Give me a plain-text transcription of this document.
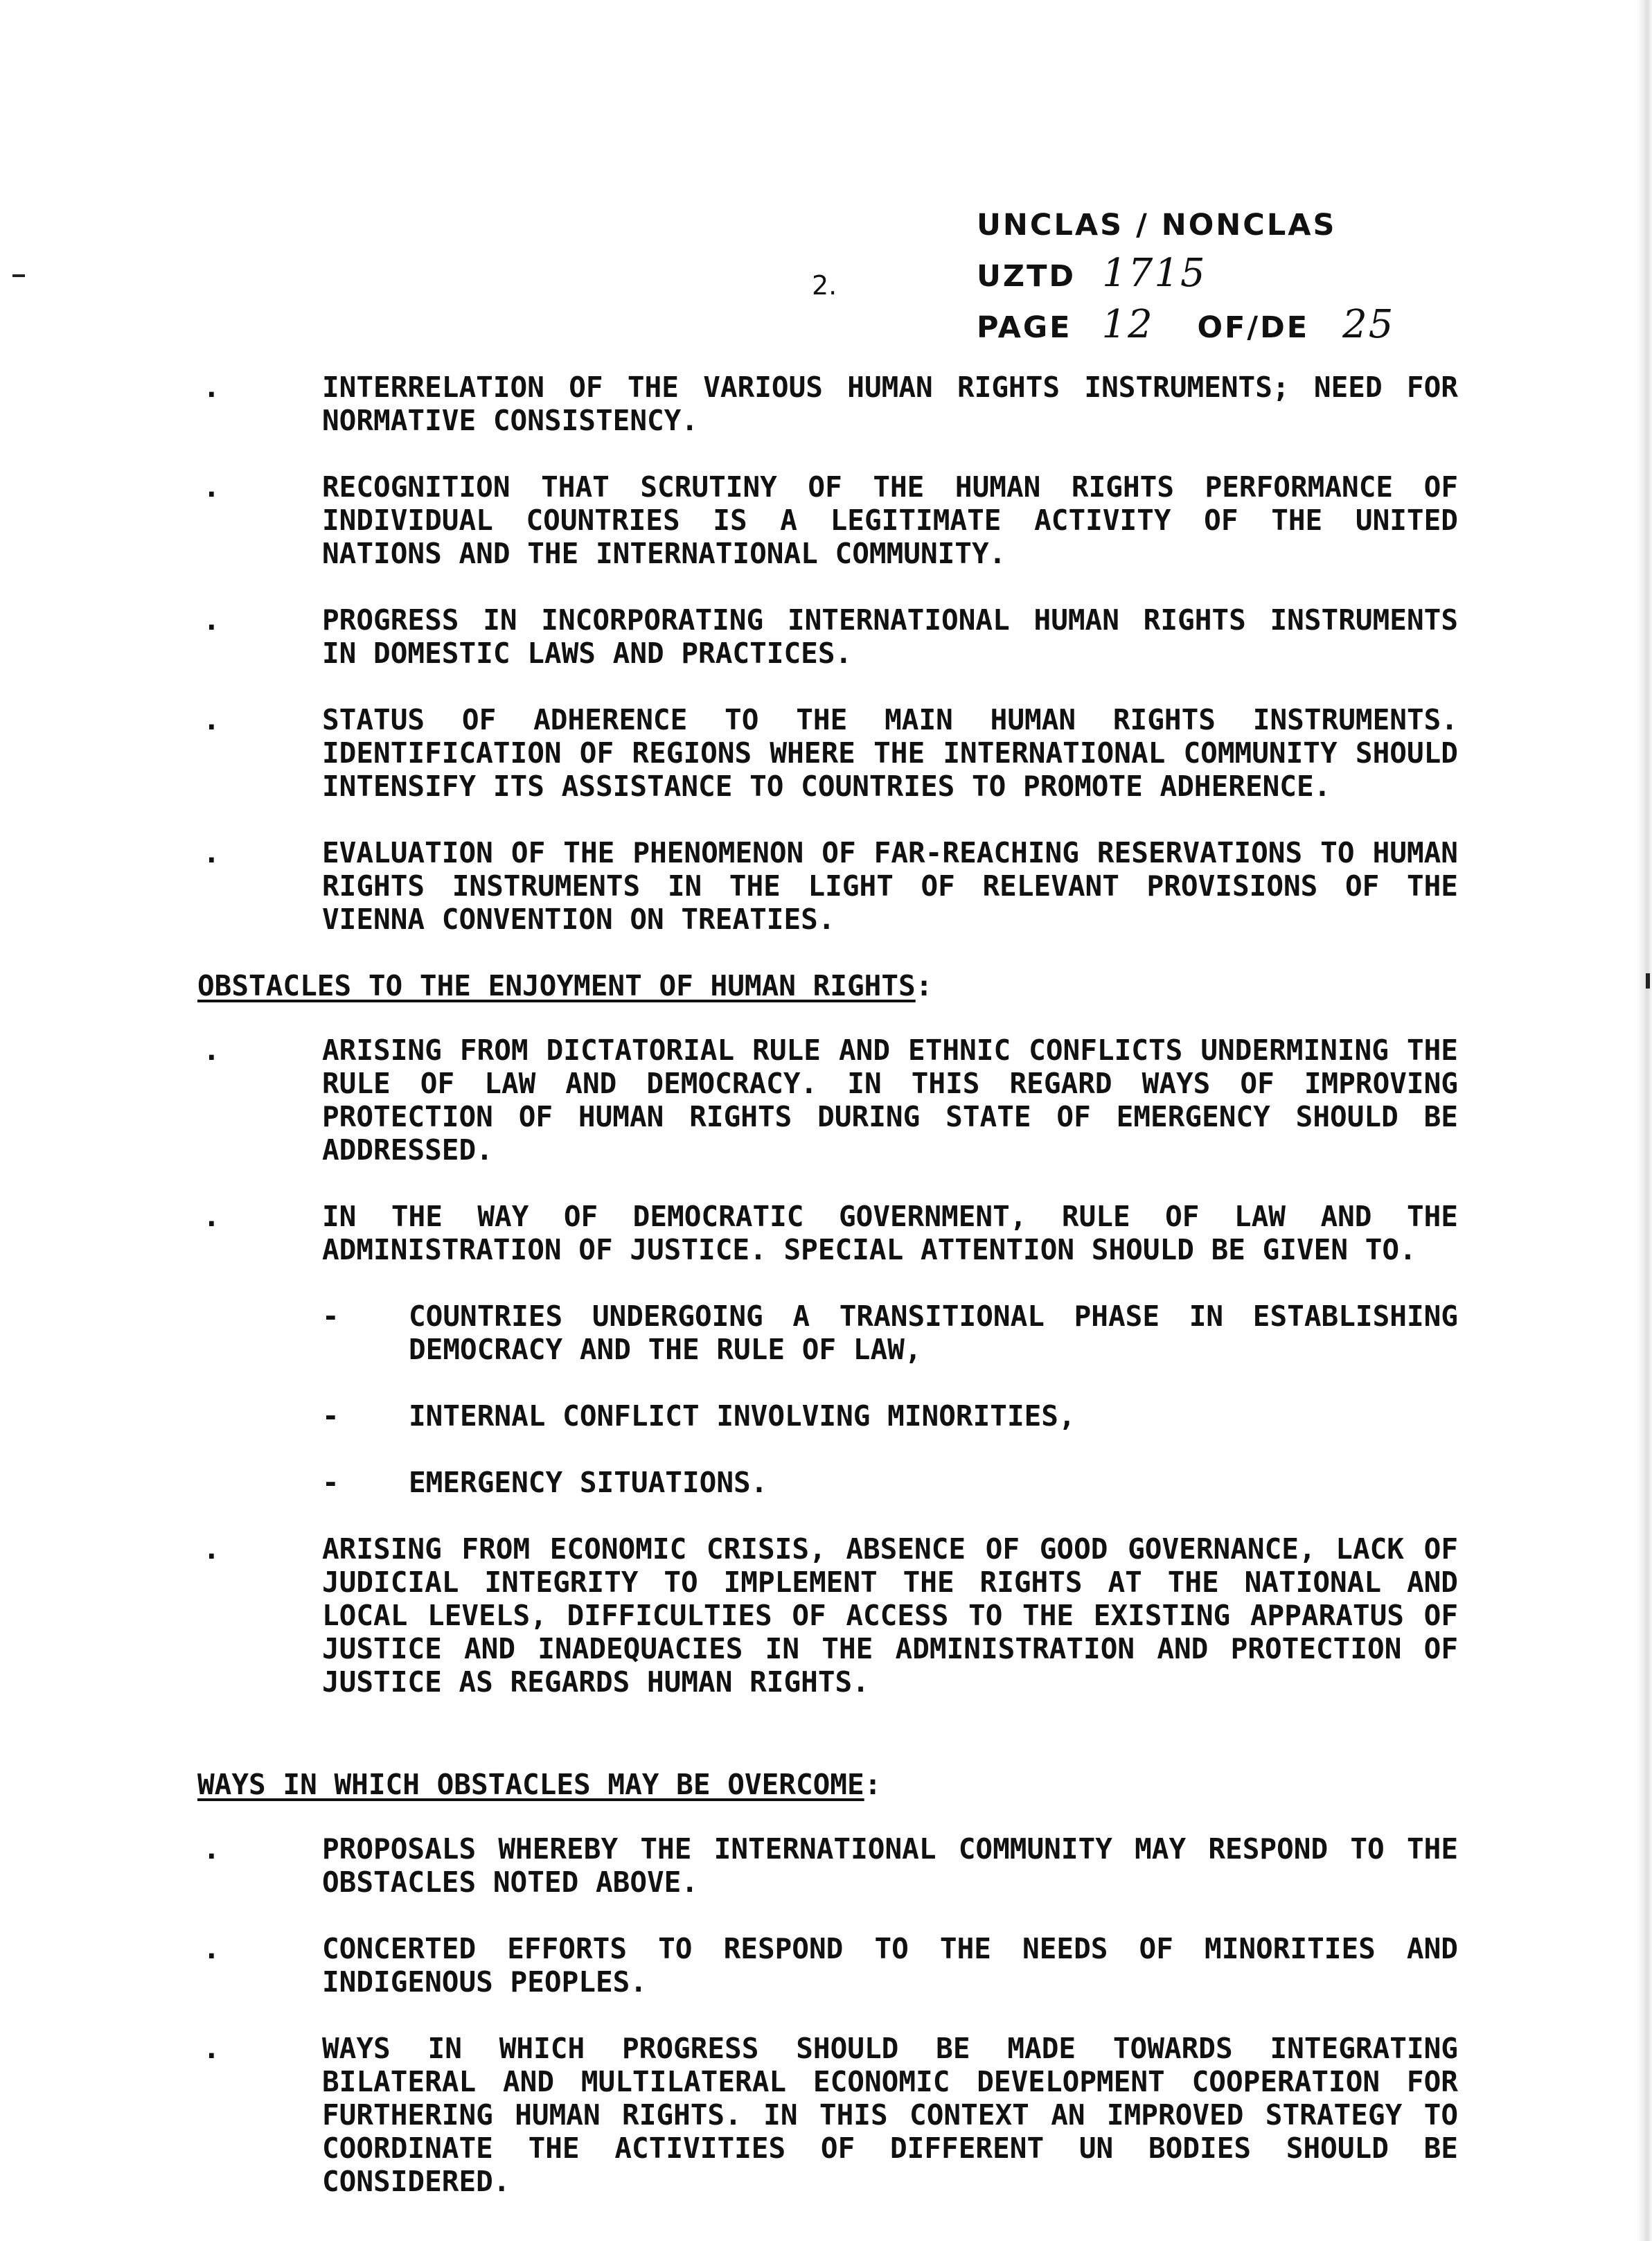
UNCLAS / NONCLAS
UZTD 1715
PAGE 12 OF/DE 25
2.
.	INTERRELATION OF THE VARIOUS HUMAN RIGHTS INSTRUMENTS; NEED FOR NORMATIVE CONSISTENCY.
.	RECOGNITION THAT SCRUTINY OF THE HUMAN RIGHTS PERFORMANCE OF INDIVIDUAL COUNTRIES IS A LEGITIMATE ACTIVITY OF THE UNITED NATIONS AND THE INTERNATIONAL COMMUNITY.
.	PROGRESS IN INCORPORATING INTERNATIONAL HUMAN RIGHTS INSTRUMENTS IN DOMESTIC LAWS AND PRACTICES.
.	STATUS OF ADHERENCE TO THE MAIN HUMAN RIGHTS INSTRUMENTS. IDENTIFICATION OF REGIONS WHERE THE INTERNATIONAL COMMUNITY SHOULD INTENSIFY ITS ASSISTANCE TO COUNTRIES TO PROMOTE ADHERENCE.
.	EVALUATION OF THE PHENOMENON OF FAR-REACHING RESERVATIONS TO HUMAN RIGHTS INSTRUMENTS IN THE LIGHT OF RELEVANT PROVISIONS OF THE VIENNA CONVENTION ON TREATIES.
OBSTACLES TO THE ENJOYMENT OF HUMAN RIGHTS:
.	ARISING FROM DICTATORIAL RULE AND ETHNIC CONFLICTS UNDERMINING THE RULE OF LAW AND DEMOCRACY. IN THIS REGARD WAYS OF IMPROVING PROTECTION OF HUMAN RIGHTS DURING STATE OF EMERGENCY SHOULD BE ADDRESSED.
.	IN THE WAY OF DEMOCRATIC GOVERNMENT, RULE OF LAW AND THE ADMINISTRATION OF JUSTICE. SPECIAL ATTENTION SHOULD BE GIVEN TO.
- COUNTRIES UNDERGOING A TRANSITIONAL PHASE IN ESTABLISHING DEMOCRACY AND THE RULE OF LAW,
- INTERNAL CONFLICT INVOLVING MINORITIES,
- EMERGENCY SITUATIONS.
.	ARISING FROM ECONOMIC CRISIS, ABSENCE OF GOOD GOVERNANCE, LACK OF JUDICIAL INTEGRITY TO IMPLEMENT THE RIGHTS AT THE NATIONAL AND LOCAL LEVELS, DIFFICULTIES OF ACCESS TO THE EXISTING APPARATUS OF JUSTICE AND INADEQUACIES IN THE ADMINISTRATION AND PROTECTION OF JUSTICE AS REGARDS HUMAN RIGHTS.
WAYS IN WHICH OBSTACLES MAY BE OVERCOME:
.	PROPOSALS WHEREBY THE INTERNATIONAL COMMUNITY MAY RESPOND TO THE OBSTACLES NOTED ABOVE.
.	CONCERTED EFFORTS TO RESPOND TO THE NEEDS OF MINORITIES AND INDIGENOUS PEOPLES.
.	WAYS IN WHICH PROGRESS SHOULD BE MADE TOWARDS INTEGRATING BILATERAL AND MULTILATERAL ECONOMIC DEVELOPMENT COOPERATION FOR FURTHERING HUMAN RIGHTS. IN THIS CONTEXT AN IMPROVED STRATEGY TO COORDINATE THE ACTIVITIES OF DIFFERENT UN BODIES SHOULD BE CONSIDERED.
